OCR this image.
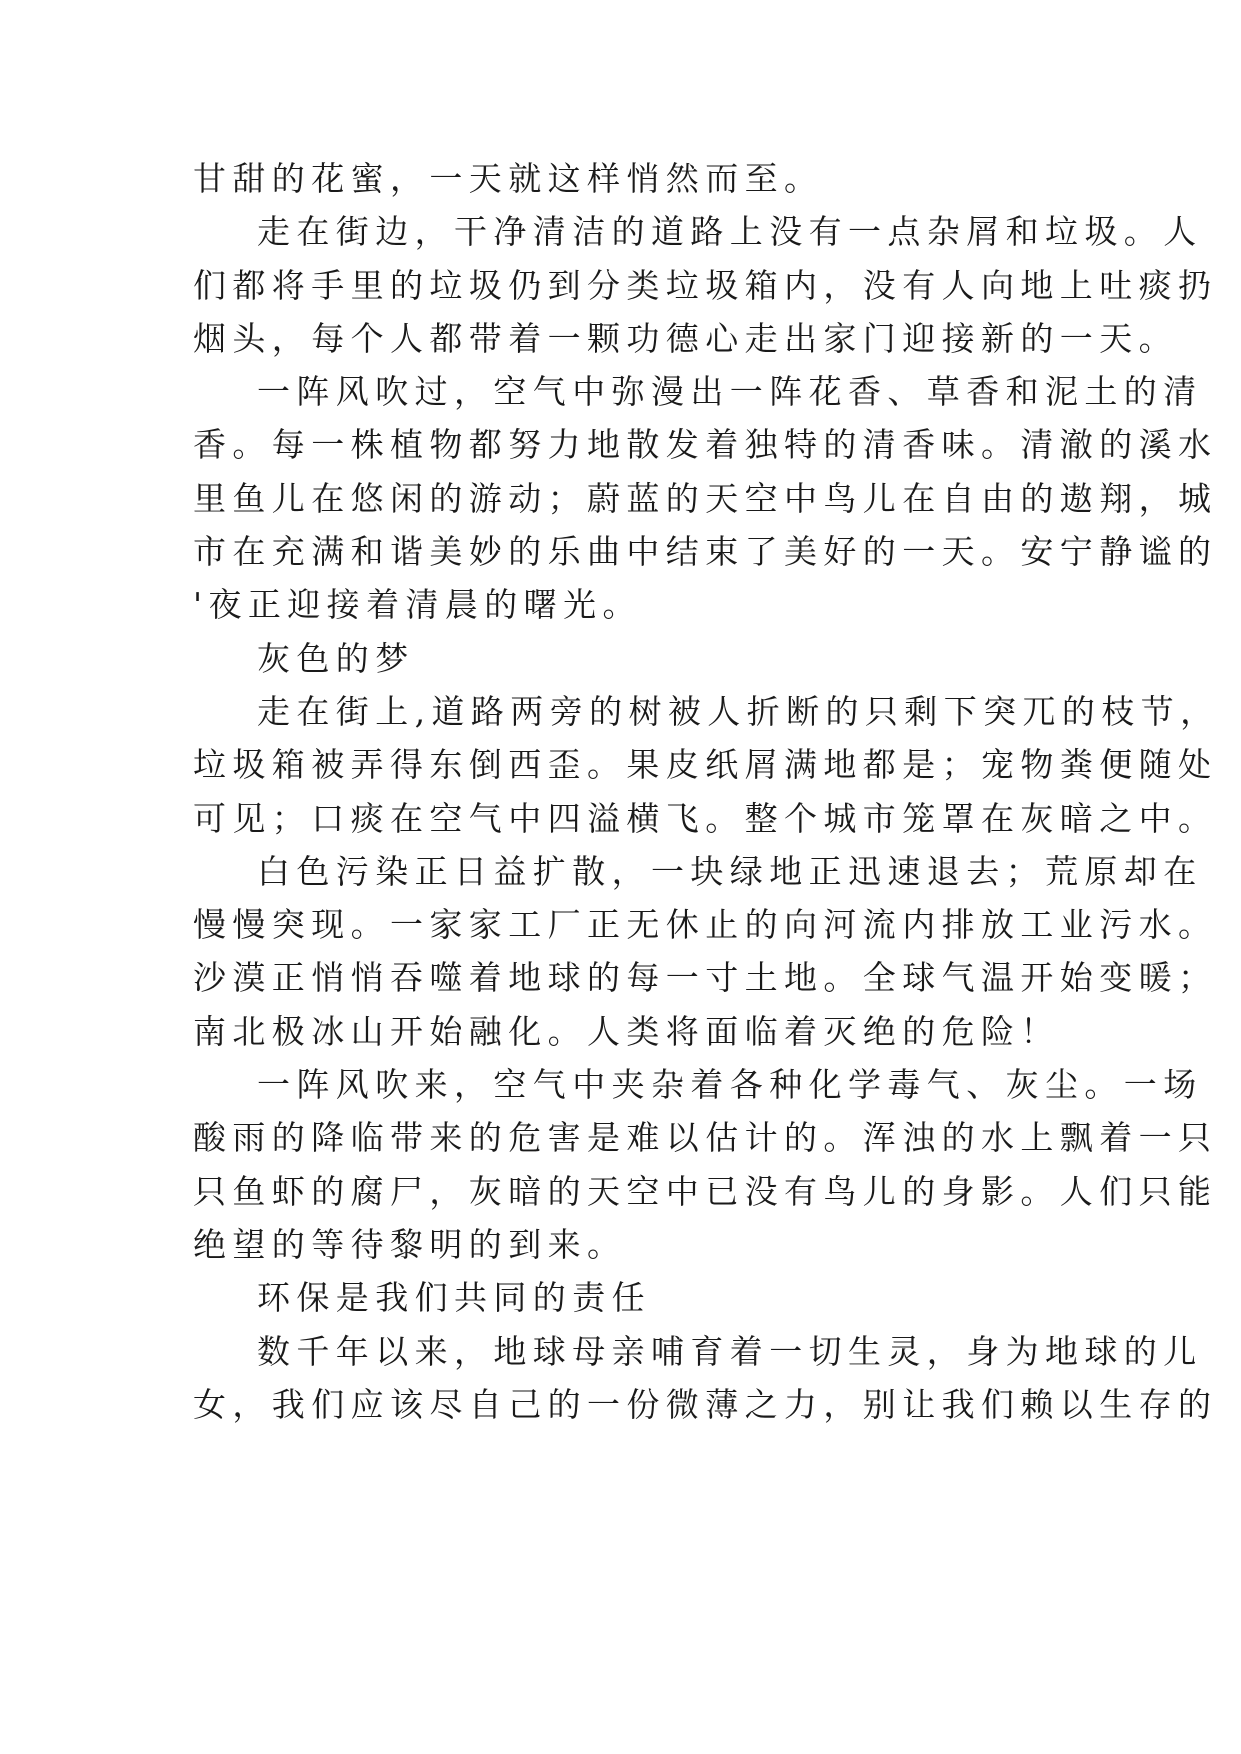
甘甜的花蜜，一天就这样悄然而至。
走在街边，干净清洁的道路上没有一点杂屑和垃圾。人
们都将手里的垃圾仍到分类垃圾箱内，没有人向地上吐痰扔
烟头，每个人都带着一颗功德心走出家门迎接新的一天。
一阵风吹过，空气中弥漫出一阵花香、草香和泥土的清
香。每一株植物都努力地散发着独特的清香味。清澈的溪水
里鱼儿在悠闲的游动；蔚蓝的天空中鸟儿在自由的遨翔，城
市在充满和谐美妙的乐曲中结束了美好的一天。安宁静谧的
'夜正迎接着清晨的曙光。
灰色的梦
走在街上,道路两旁的树被人折断的只剩下突兀的枝节，
垃圾箱被弄得东倒西歪。果皮纸屑满地都是；宠物粪便随处
可见；口痰在空气中四溢横飞。整个城市笼罩在灰暗之中。
白色污染正日益扩散，一块绿地正迅速退去；荒原却在
慢慢突现。一家家工厂正无休止的向河流内排放工业污水。
沙漠正悄悄吞噬着地球的每一寸土地。全球气温开始变暖；
南北极冰山开始融化。人类将面临着灭绝的危险！
一阵风吹来，空气中夹杂着各种化学毒气、灰尘。一场
酸雨的降临带来的危害是难以估计的。浑浊的水上飘着一只
只鱼虾的腐尸，灰暗的天空中已没有鸟儿的身影。人们只能
绝望的等待黎明的到来。
环保是我们共同的责任
数千年以来，地球母亲哺育着一切生灵，身为地球的儿
女，我们应该尽自己的一份微薄之力，别让我们赖以生存的
